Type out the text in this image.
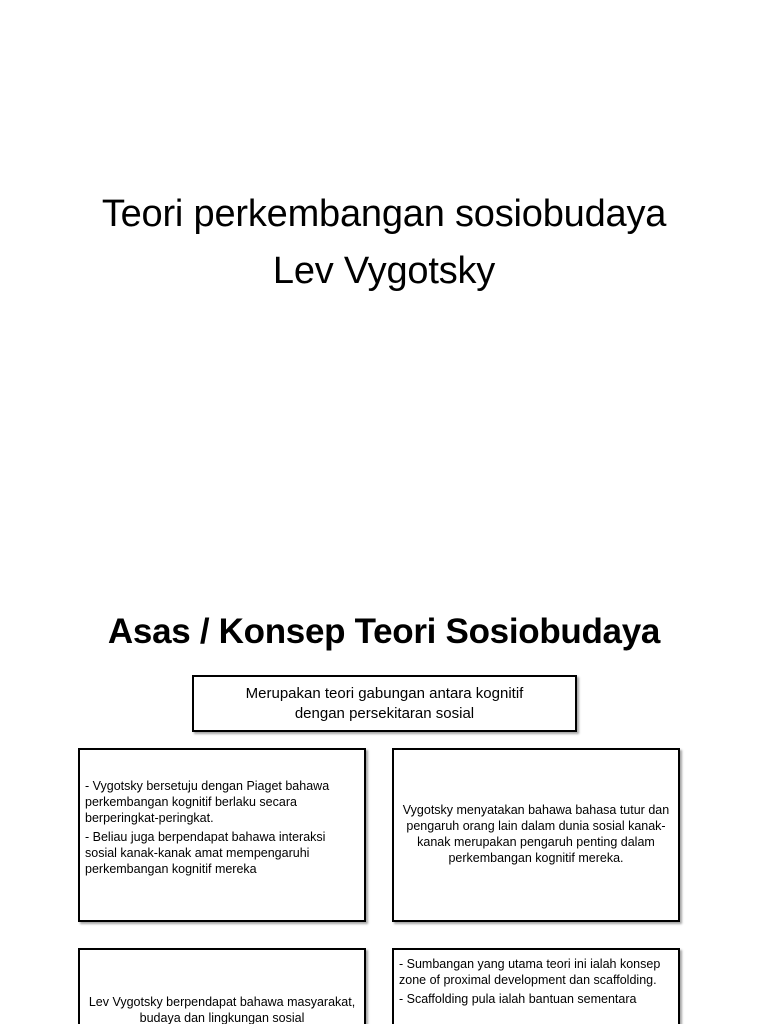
Teori perkembangan sosiobudaya
Lev Vygotsky
Asas / Konsep Teori Sosiobudaya
Merupakan teori gabungan antara kognitif
dengan persekitaran sosial

- Vygotsky bersetuju dengan Piaget bahawa perkembangan kognitif berlaku secara berperingkat-peringkat.

- Beliau juga berpendapat bahawa interaksi sosial kanak-kanak amat mempengaruhi perkembangan kognitif mereka

Vygotsky menyatakan bahawa bahasa tutur dan pengaruh orang lain dalam dunia sosial kanak-kanak merupakan pengaruh penting dalam perkembangan kognitif mereka.

Lev Vygotsky berpendapat bahawa masyarakat, budaya dan lingkungan sosial

- Sumbangan yang utama teori ini ialah konsep zone of proximal development dan scaffolding.

- Scaffolding pula ialah bantuan sementara
